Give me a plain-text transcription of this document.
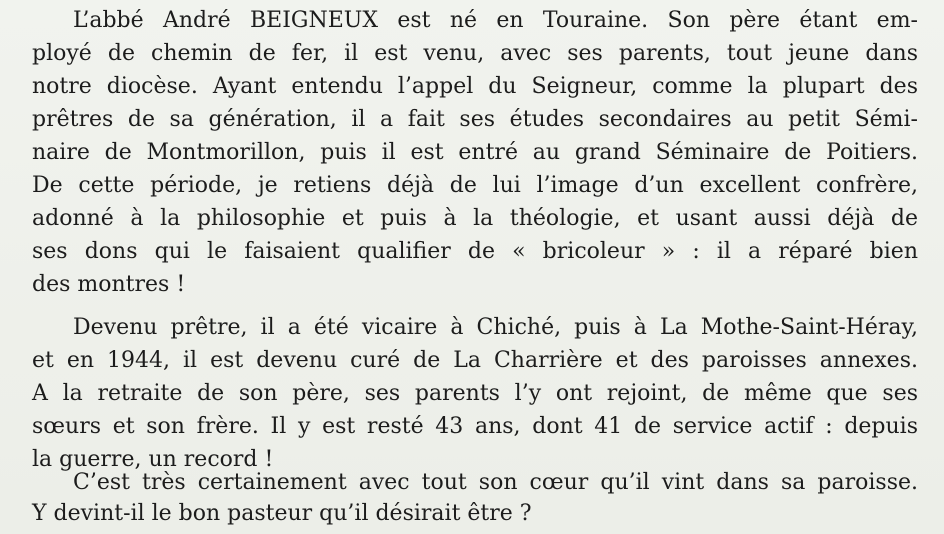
L’abbé André BEIGNEUX est né en Touraine. Son père étant em-
ployé de chemin de fer, il est venu, avec ses parents, tout jeune dans
notre diocèse. Ayant entendu l’appel du Seigneur, comme la plupart des
prêtres de sa génération, il a fait ses études secondaires au petit Sémi-
naire de Montmorillon, puis il est entré au grand Séminaire de Poitiers.
De cette période, je retiens déjà de lui l’image d’un excellent confrère,
adonné à la philosophie et puis à la théologie, et usant aussi déjà de
ses dons qui le faisaient qualifier de « bricoleur » : il a réparé bien
des montres !
Devenu prêtre, il a été vicaire à Chiché, puis à La Mothe-Saint-Héray,
et en 1944, il est devenu curé de La Charrière et des paroisses annexes.
A la retraite de son père, ses parents l’y ont rejoint, de même que ses
sœurs et son frère. Il y est resté 43 ans, dont 41 de service actif : depuis
la guerre, un record !
C’est très certainement avec tout son cœur qu’il vint dans sa paroisse.
Y devint-il le bon pasteur qu’il désirait être ?
